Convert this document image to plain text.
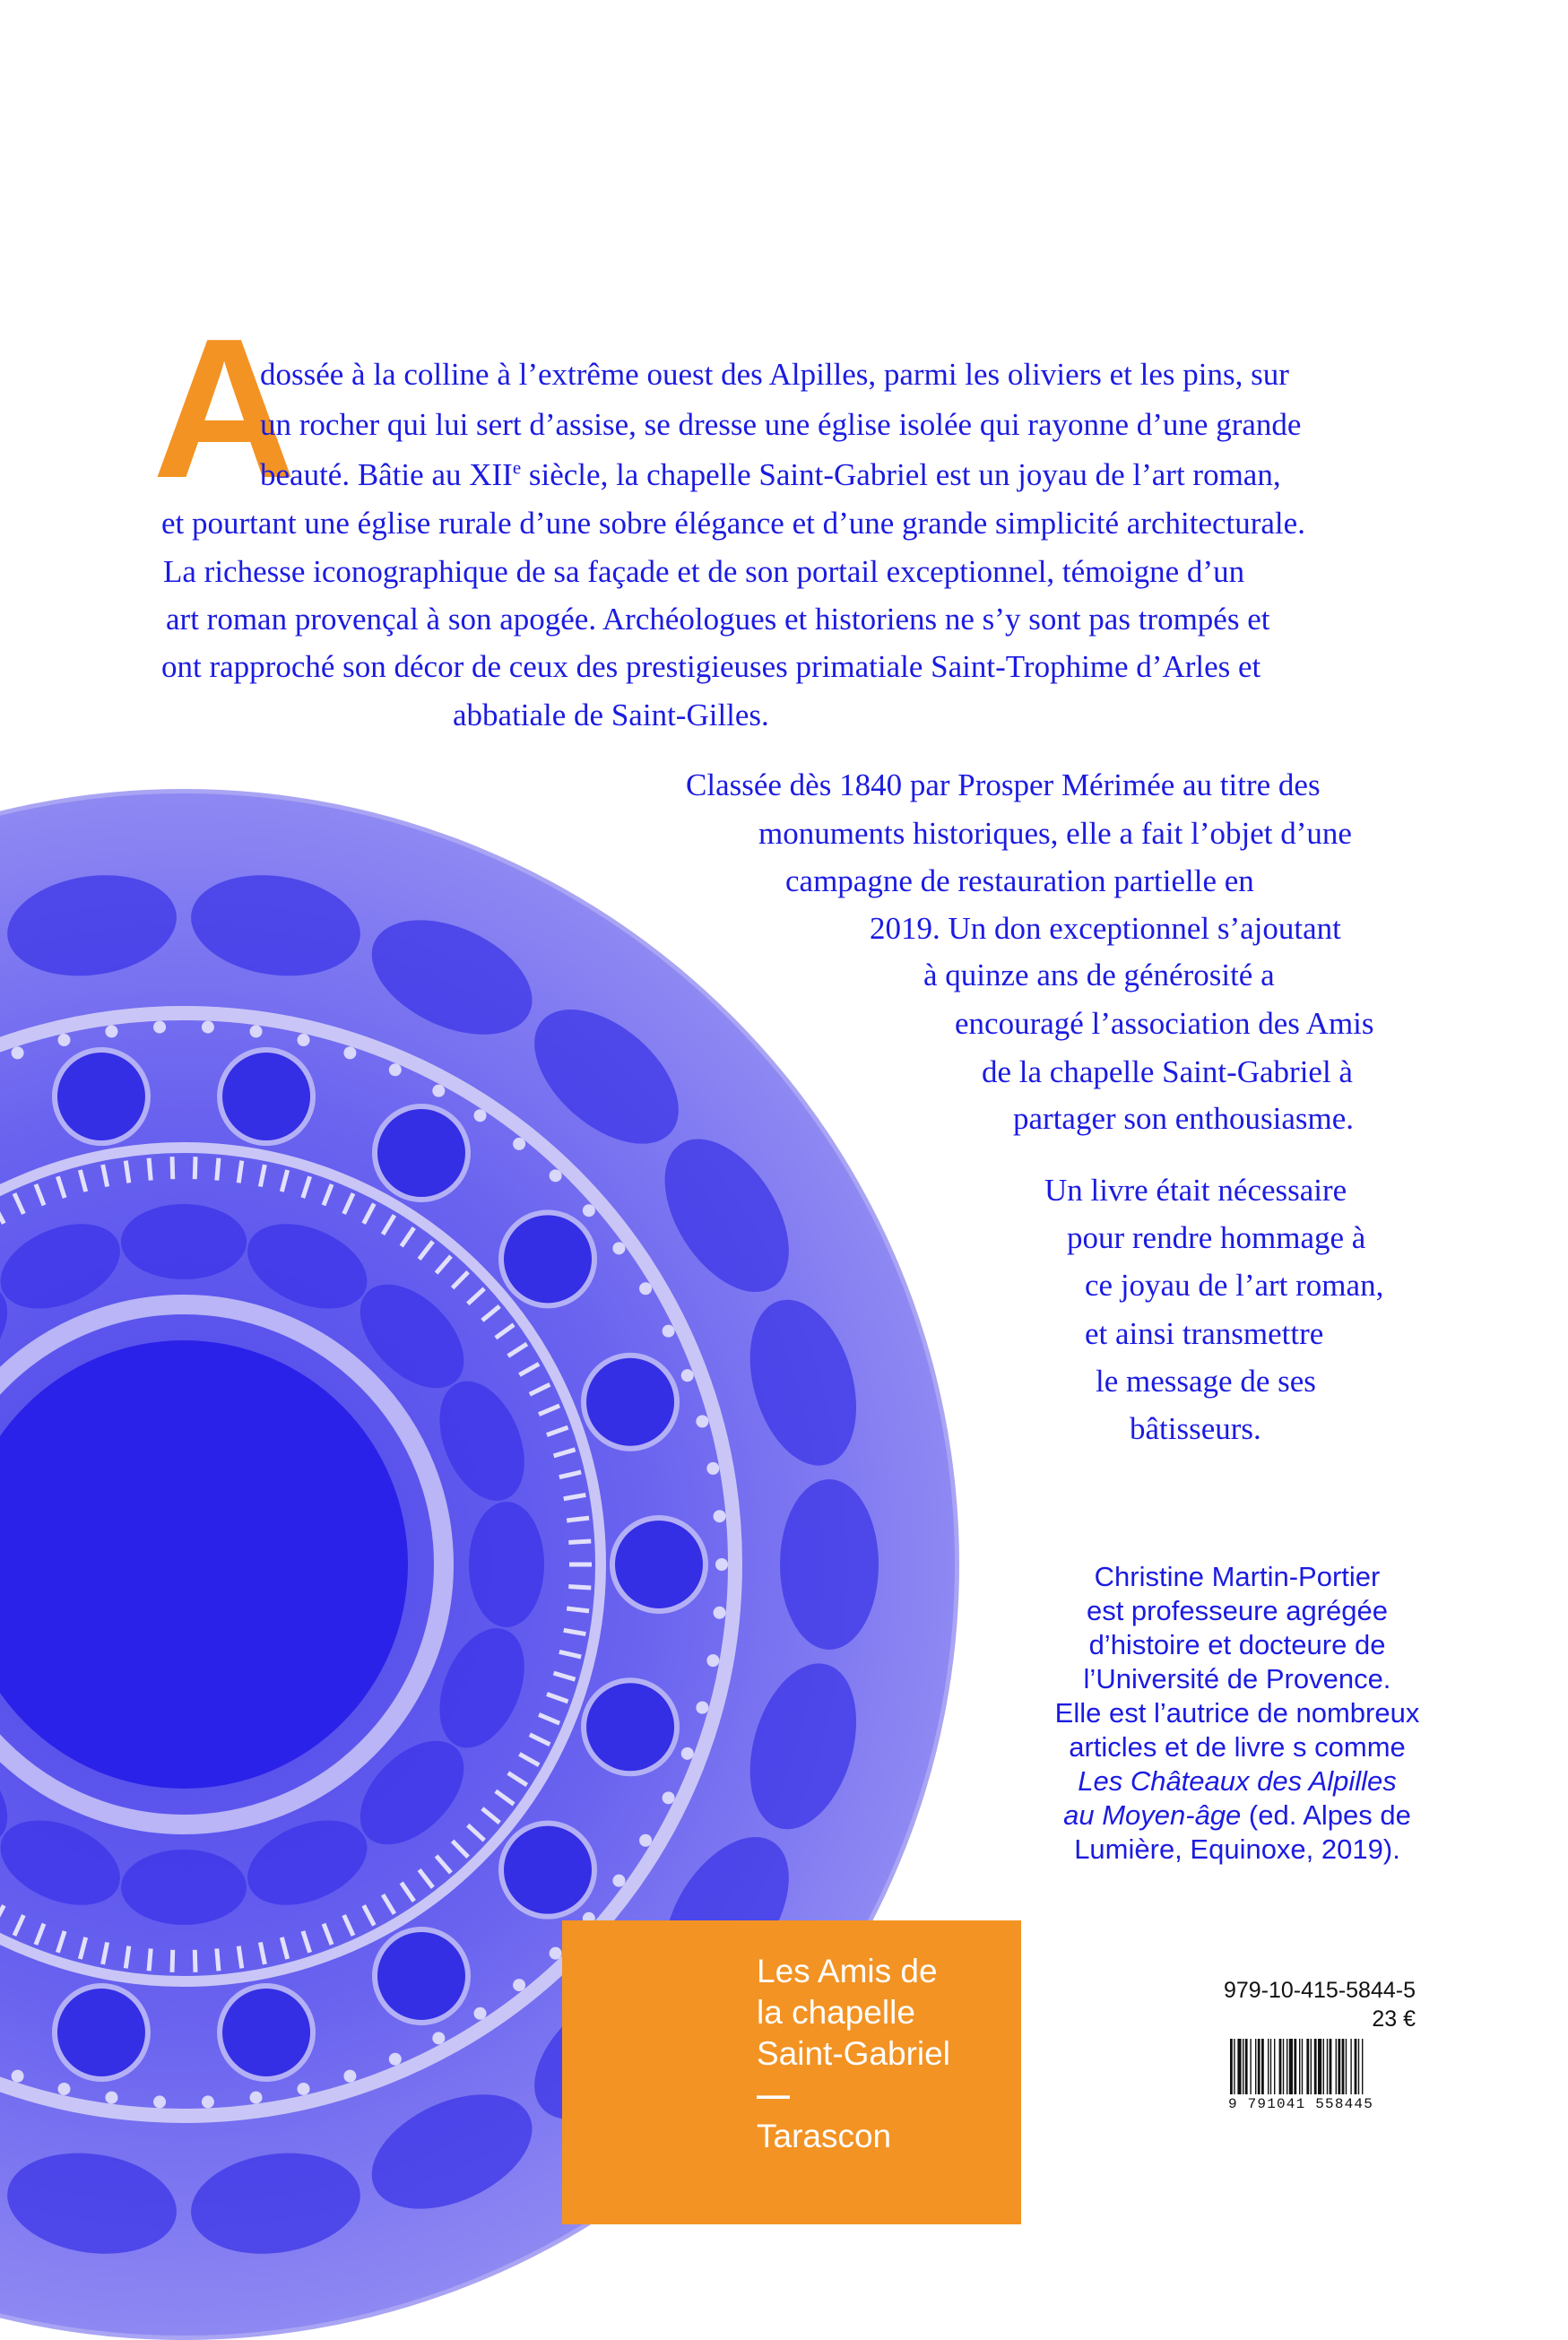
A
dossée à la colline à l’extrême ouest des Alpilles, parmi les oliviers et les pins, sur
un rocher qui lui sert d’assise, se dresse une église isolée qui rayonne d’une grande
beauté. Bâtie au XIIe siècle, la chapelle Saint-Gabriel est un joyau de l’art roman,
et pourtant une église rurale d’une sobre élégance et d’une grande simplicité architecturale.
La richesse iconographique de sa façade et de son portail exceptionnel, témoigne d’un
art roman provençal à son apogée. Archéologues et historiens ne s’y sont pas trompés et
ont rapproché son décor de ceux des prestigieuses primatiale Saint-Trophime d’Arles et
abbatiale de Saint-Gilles.
Classée dès 1840 par Prosper Mérimée au titre des
monuments historiques, elle a fait l’objet d’une
campagne de restauration partielle en
2019. Un don exceptionnel s’ajoutant
à quinze ans de générosité a
encouragé l’association des Amis
de la chapelle Saint-Gabriel à
partager son enthousiasme.
Un livre était nécessaire
pour rendre hommage à
ce joyau de l’art roman,
et ainsi transmettre
le message de ses
bâtisseurs.
Christine Martin-Portier
est professeure agrégée
d’histoire et docteure de
l’Université de Provence.
Elle est l’autrice de nombreux
articles et de livre s comme
Les Châteaux des Alpilles
au Moyen-âge (ed. Alpes de
Lumière, Equinoxe, 2019).
Les Amis de
la chapelle
Saint-Gabriel
—
Tarascon
979-10-415-5844-5
23 €
9 791041 558445
